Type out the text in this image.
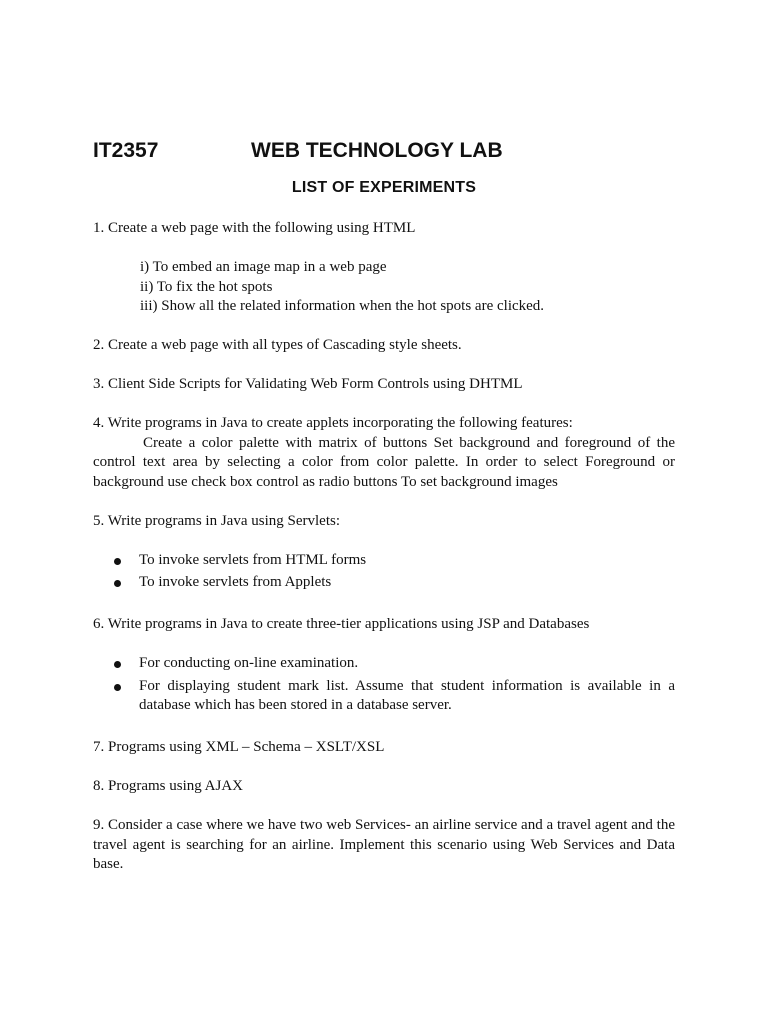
IT2357	WEB TECHNOLOGY LAB
LIST OF EXPERIMENTS

1. Create a web page with the following using HTML

i) To embed an image map in a web page

ii) To fix the hot spots

iii) Show all the related information when the hot spots are clicked.

2. Create a web page with all types of Cascading style sheets.

3. Client Side Scripts for Validating Web Form Controls using DHTML

4. Write programs in Java to create applets incorporating the following features:

Create a color palette with matrix of buttons Set background and foreground of the control text area by selecting a color from color palette. In order to select Foreground or background use check box control as radio buttons To set background images

5. Write programs in Java using Servlets:

To invoke servlets from HTML forms
To invoke servlets from Applets

6. Write programs in Java to create three-tier applications using JSP and Databases

For conducting on-line examination.
For displaying student mark list. Assume that student information is available in a database which has been stored in a database server.

7. Programs using XML – Schema – XSLT/XSL

8. Programs using AJAX

9. Consider a case where we have two web Services- an airline service and a travel agent and the travel agent is searching for an airline. Implement this scenario using Web Services and Data base.
